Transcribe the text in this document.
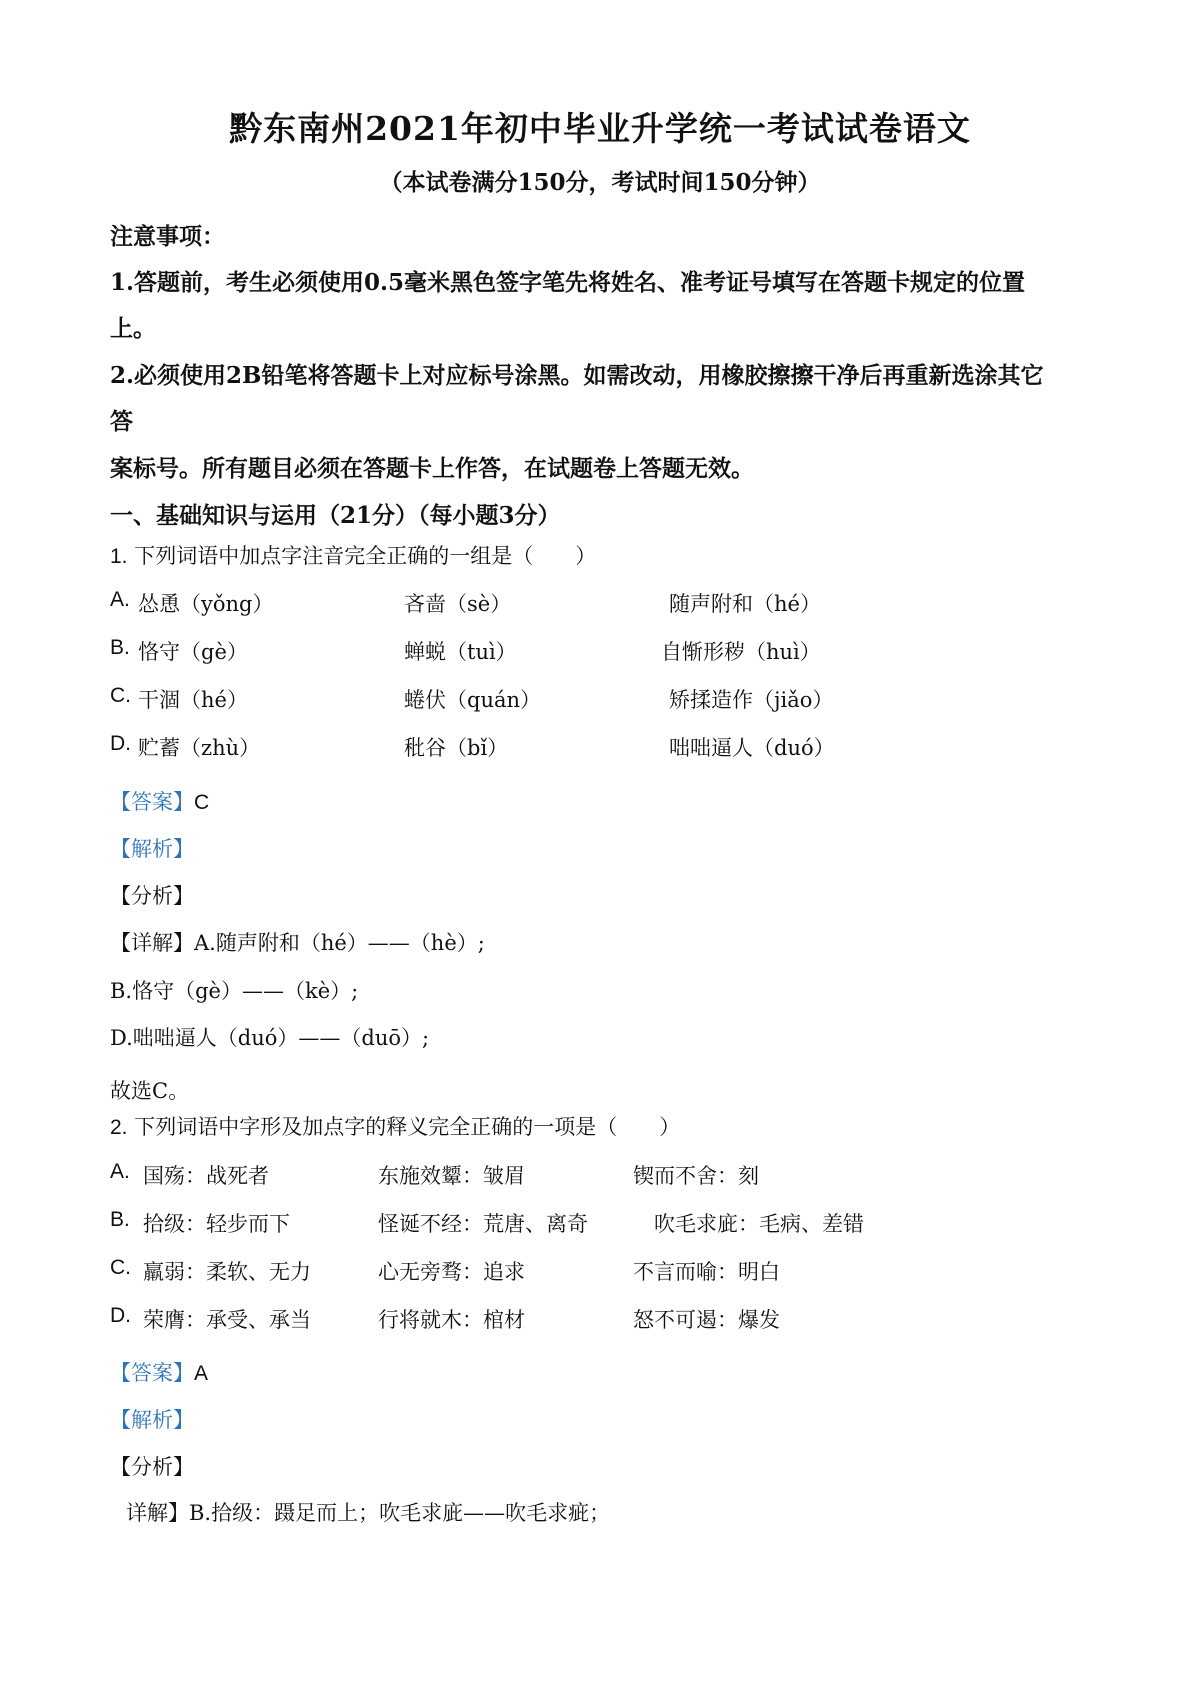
黔东南州2021年初中毕业升学统一考试试卷语文
（本试卷满分150分，考试时间150分钟）
注意事项：
1.答题前，考生必须使用0.5毫米黑色签字笔先将姓名、准考证号填写在答题卡规定的位置
上。
2.必须使用2B铅笔将答题卡上对应标号涂黑。如需改动，用橡胶擦擦干净后再重新选涂其它
答
案标号。所有题目必须在答题卡上作答，在试题卷上答题无效。
一、基础知识与运用（21分）（每小题3分）
1. 下列词语中加点字注音完全正确的一组是（　　）
A. 怂恿（yǒng）	吝啬（sè）	随声附和（hé）
B. 恪守（gè）	蝉蜕（tuì）	自惭形秽（huì）
C. 干涸（hé）	蜷伏（quán）	矫揉造作（jiǎo）
D. 贮蓄（zhù）	秕谷（bǐ）	咄咄逼人（duó）
【答案】C
【解析】
【分析】
【详解】A.随声附和（hé）——（hè）;
B.恪守（gè）——（kè）;
D.咄咄逼人（duó）——（duō）;
故选C。
2. 下列词语中字形及加点字的释义完全正确的一项是（　　）
A. 国殇：战死者	东施效颦：皱眉	锲而不舍：刻
B. 拾级：轻步而下	怪诞不经：荒唐、离奇	吹毛求庛：毛病、差错
C. 羸弱：柔软、无力	心无旁骛：追求	不言而喻：明白
D. 荣膺：承受、承当	行将就木：棺材	怒不可遏：爆发
【答案】A
【解析】
【分析】
详解】B.拾级：蹑足而上；吹毛求庛——吹毛求疵；
